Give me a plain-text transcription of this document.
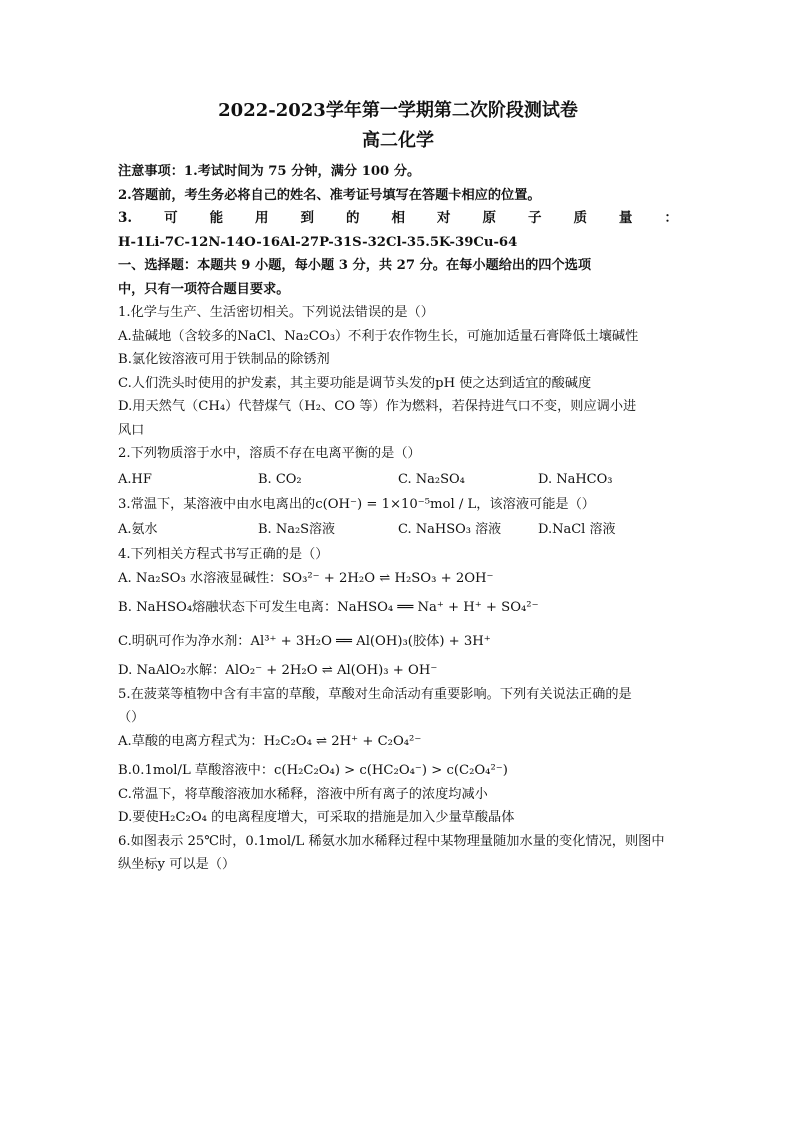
2022-2023学年第一学期第二次阶段测试卷
高二化学
注意事项：1.考试时间为 75 分钟，满分 100 分。
2.答题前，考生务必将自己的姓名、准考证号填写在答题卡相应的位置。
3. 可 能 用 到 的 相 对 原 子 质 量 ：
H-1Li-7C-12N-14O-16Al-27P-31S-32Cl-35.5K-39Cu-64
一、选择题：本题共 9 小题，每小题 3 分，共 27 分。在每小题给出的四个选项
中，只有一项符合题目要求。
1.化学与生产、生活密切相关。下列说法错误的是（）
A.盐碱地（含较多的NaCl、Na₂CO₃）不利于农作物生长，可施加适量石膏降低土壤碱性
B.氯化铵溶液可用于铁制品的除锈剂
C.人们洗头时使用的护发素，其主要功能是调节头发的pH 使之达到适宜的酸碱度
D.用天然气（CH₄）代替煤气（H₂、CO 等）作为燃料，若保持进气口不变，则应调小进
风口
2.下列物质溶于水中，溶质不存在电离平衡的是（）
A.HF	B. CO₂	C. Na₂SO₄	D. NaHCO₃
3.常温下，某溶液中由水电离出的c(OH⁻) = 1×10⁻⁵mol / L，该溶液可能是（）
A.氨水	B. Na₂S溶液	C. NaHSO₃ 溶液	D.NaCl 溶液
4.下列相关方程式书写正确的是（）
A. Na₂SO₃ 水溶液显碱性：SO₃²⁻ + 2H₂O ⇌ H₂SO₃ + 2OH⁻
B. NaHSO₄熔融状态下可发生电离：NaHSO₄ ══ Na⁺ + H⁺ + SO₄²⁻
C.明矾可作为净水剂：Al³⁺ + 3H₂O ══ Al(OH)₃(胶体) + 3H⁺
D. NaAlO₂水解：AlO₂⁻ + 2H₂O ⇌ Al(OH)₃ + OH⁻
5.在菠菜等植物中含有丰富的草酸，草酸对生命活动有重要影响。下列有关说法正确的是
（）
A.草酸的电离方程式为：H₂C₂O₄ ⇌ 2H⁺ + C₂O₄²⁻
B.0.1mol/L 草酸溶液中：c(H₂C₂O₄) > c(HC₂O₄⁻) > c(C₂O₄²⁻)
C.常温下，将草酸溶液加水稀释，溶液中所有离子的浓度均减小
D.要使H₂C₂O₄ 的电离程度增大，可采取的措施是加入少量草酸晶体
6.如图表示 25℃时，0.1mol/L 稀氨水加水稀释过程中某物理量随加水量的变化情况，则图中
纵坐标y 可以是（）
